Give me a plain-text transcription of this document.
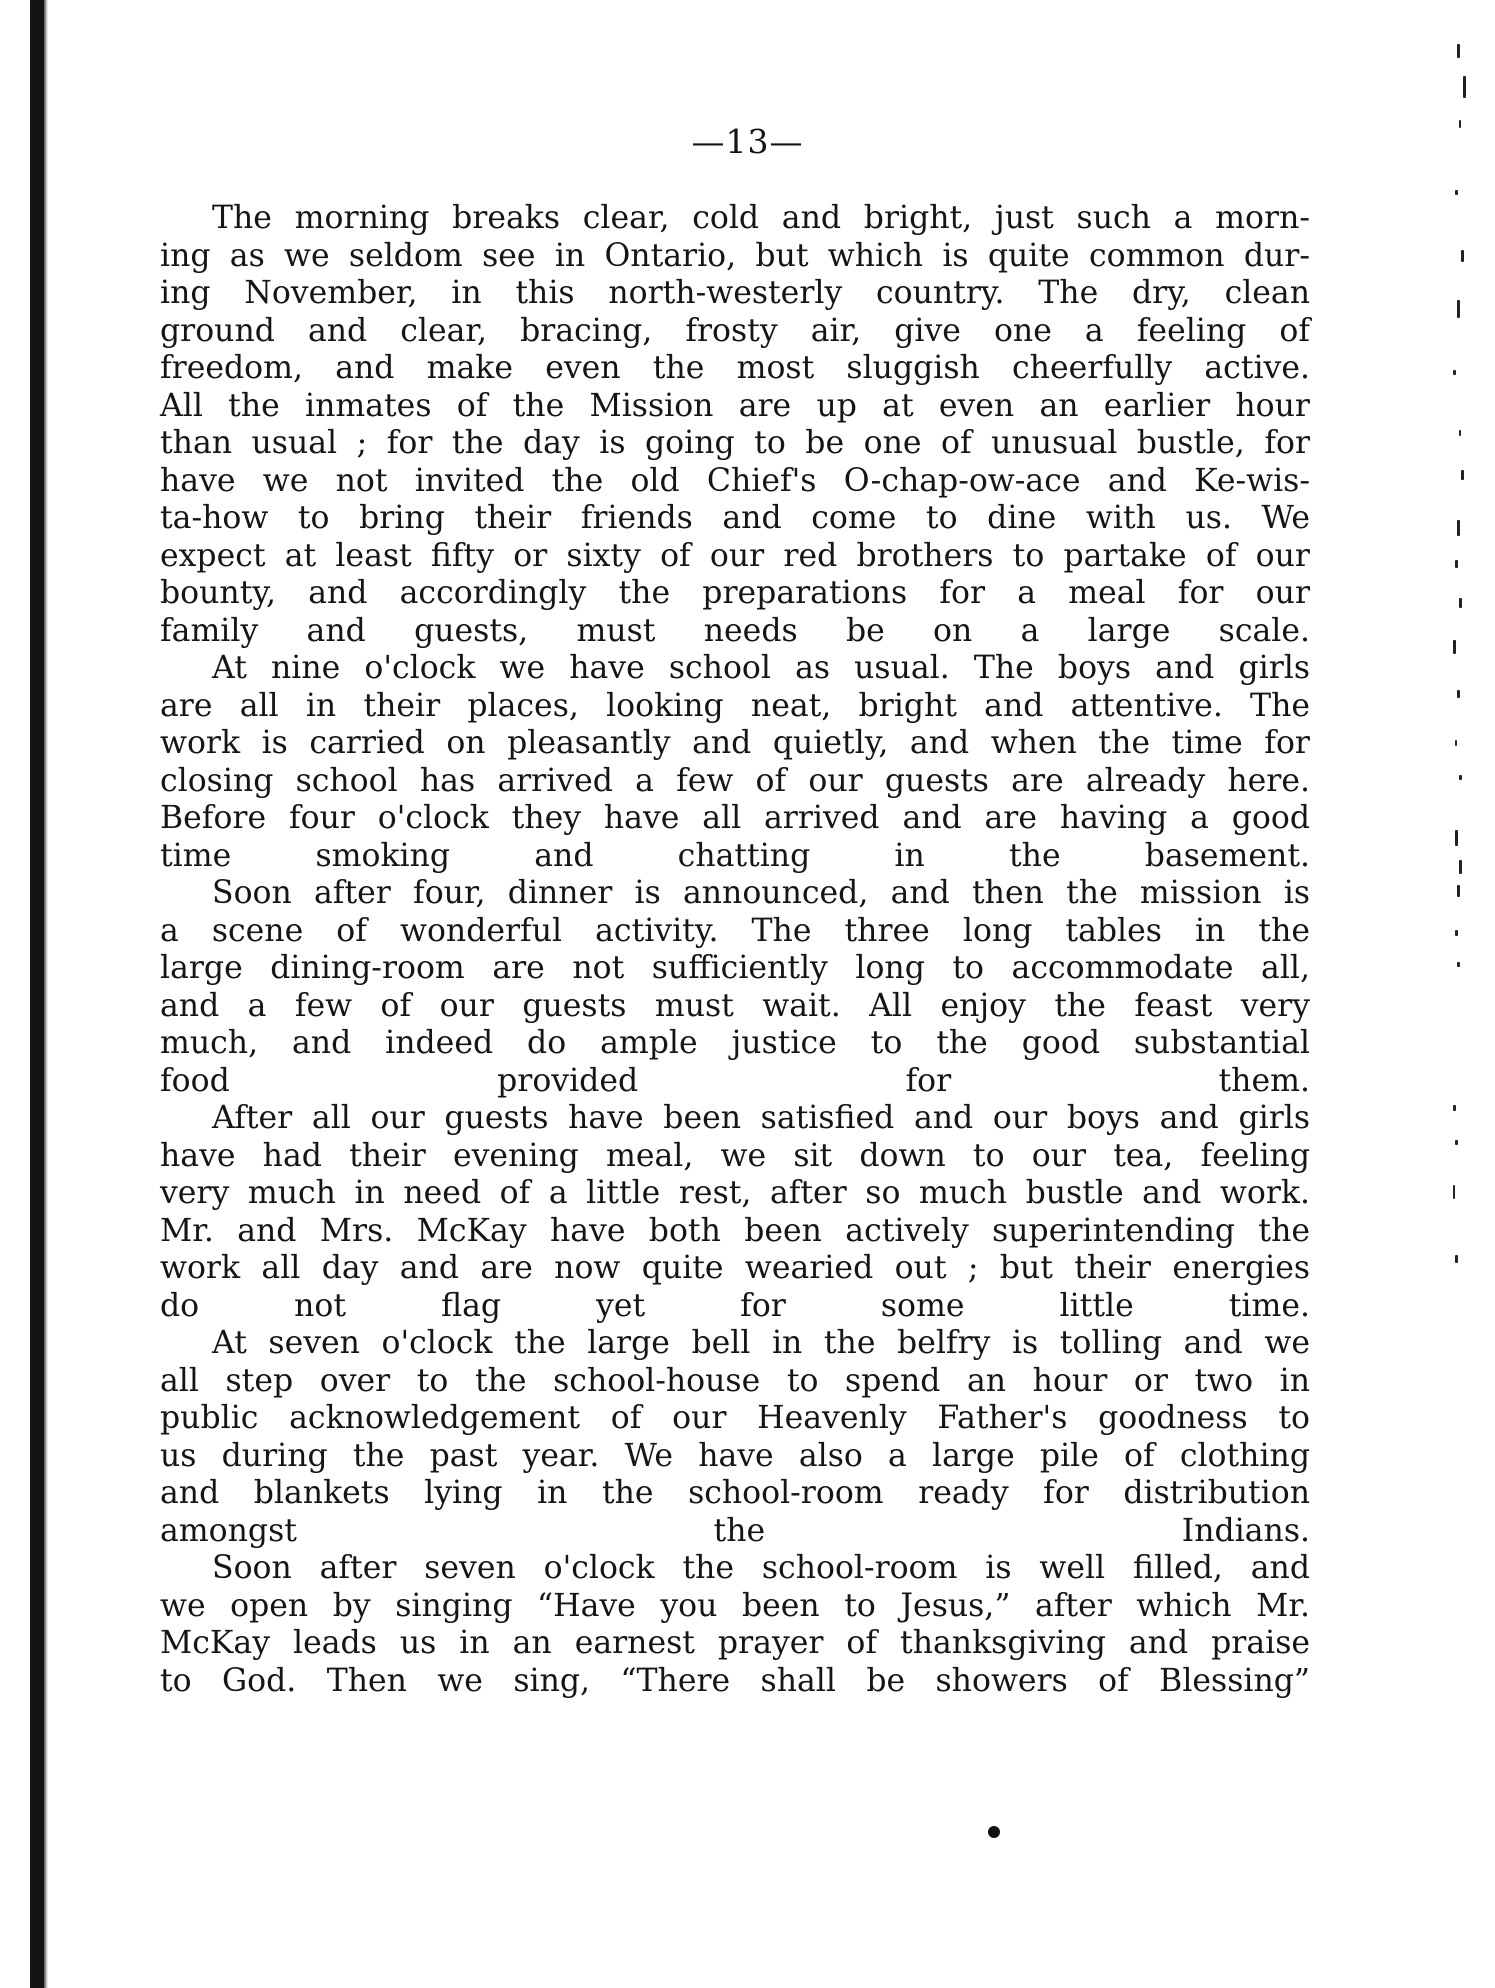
—13—
The morning breaks clear, cold and bright, just such a morn-
ing as we seldom see in Ontario, but which is quite common dur-
ing November, in this north-westerly country. The dry, clean
ground and clear, bracing, frosty air, give one a feeling of
freedom, and make even the most sluggish cheerfully active.
All the inmates of the Mission are up at even an earlier hour
than usual ; for the day is going to be one of unusual bustle, for
have we not invited the old Chief's O-chap-ow-ace and Ke-wis-
ta-how to bring their friends and come to dine with us. We
expect at least fifty or sixty of our red brothers to partake of our
bounty, and accordingly the preparations for a meal for our
family and guests, must needs be on a large scale.
At nine o'clock we have school as usual. The boys and girls
are all in their places, looking neat, bright and attentive. The
work is carried on pleasantly and quietly, and when the time for
closing school has arrived a few of our guests are already here.
Before four o'clock they have all arrived and are having a good
time smoking and chatting in the basement.
Soon after four, dinner is announced, and then the mission is
a scene of wonderful activity. The three long tables in the
large dining-room are not sufficiently long to accommodate all,
and a few of our guests must wait. All enjoy the feast very
much, and indeed do ample justice to the good substantial
food provided for them.
After all our guests have been satisfied and our boys and girls
have had their evening meal, we sit down to our tea, feeling
very much in need of a little rest, after so much bustle and work.
Mr. and Mrs. McKay have both been actively superintending the
work all day and are now quite wearied out ; but their energies
do not flag yet for some little time.
At seven o'clock the large bell in the belfry is tolling and we
all step over to the school-house to spend an hour or two in
public acknowledgement of our Heavenly Father's goodness to
us during the past year. We have also a large pile of clothing
and blankets lying in the school-room ready for distribution
amongst the Indians.
Soon after seven o'clock the school-room is well filled, and
we open by singing “Have you been to Jesus,” after which Mr.
McKay leads us in an earnest prayer of thanksgiving and praise
to God. Then we sing, “There shall be showers of Blessing”
